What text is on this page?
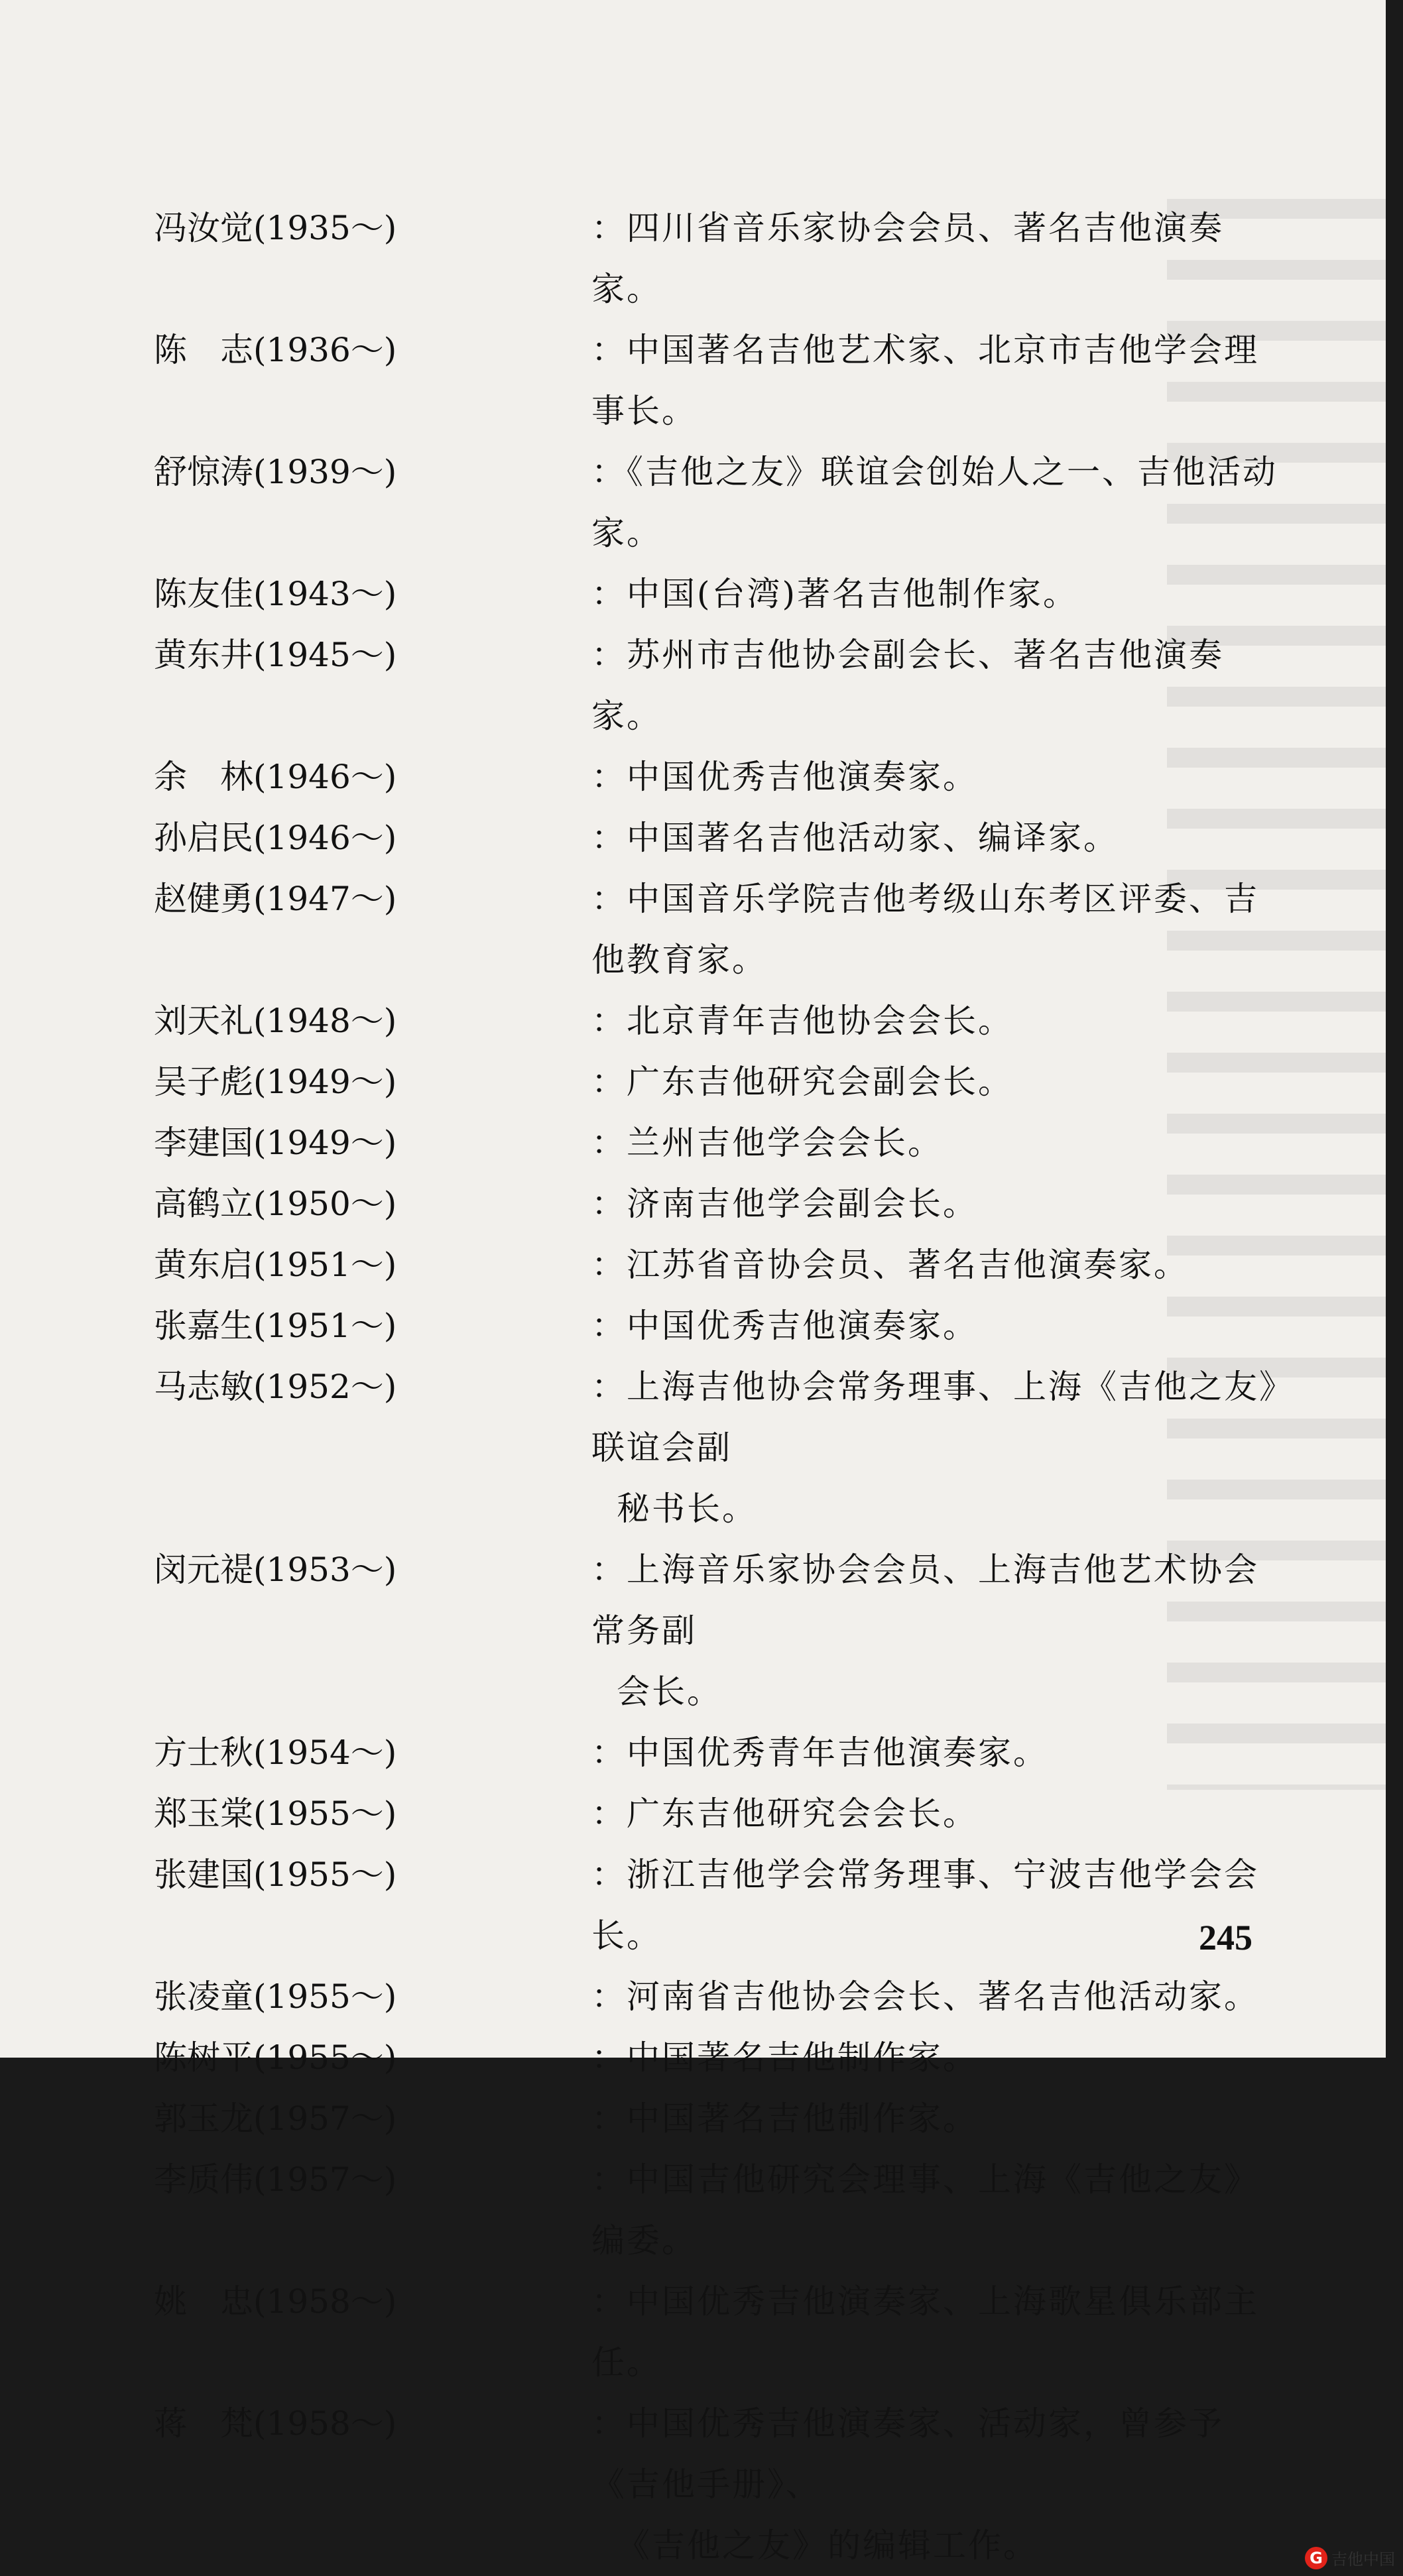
冯汝觉(1935～)	：四川省音乐家协会会员、著名吉他演奏家。
陈　志(1936～)	：中国著名吉他艺术家、北京市吉他学会理事长。
舒惊涛(1939～)	：《吉他之友》联谊会创始人之一、吉他活动家。
陈友佳(1943～)	：中国(台湾)著名吉他制作家。
黄东井(1945～)	：苏州市吉他协会副会长、著名吉他演奏家。
余　林(1946～)	：中国优秀吉他演奏家。
孙启民(1946～)	：中国著名吉他活动家、编译家。
赵健勇(1947～)	：中国音乐学院吉他考级山东考区评委、吉他教育家。
刘天礼(1948～)	：北京青年吉他协会会长。
吴子彪(1949～)	：广东吉他研究会副会长。
李建国(1949～)	：兰州吉他学会会长。
高鹤立(1950～)	：济南吉他学会副会长。
黄东启(1951～)	：江苏省音协会员、著名吉他演奏家。
张嘉生(1951～)	：中国优秀吉他演奏家。
马志敏(1952～)	：上海吉他协会常务理事、上海《吉他之友》联谊会副
秘书长。
闵元禔(1953～)	：上海音乐家协会会员、上海吉他艺术协会常务副
会长。
方士秋(1954～)	：中国优秀青年吉他演奏家。
郑玉棠(1955～)	：广东吉他研究会会长。
张建国(1955～)	：浙江吉他学会常务理事、宁波吉他学会会长。
张凌童(1955～)	：河南省吉他协会会长、著名吉他活动家。
陈树平(1955～)	：中国著名吉他制作家。
郭玉龙(1957～)	：中国著名吉他制作家。
李质伟(1957～)	：中国吉他研究会理事、上海《吉他之友》编委。
姚　忠(1958～)	：中国优秀吉他演奏家、上海歌星俱乐部主任。
蒋　梵(1958～)	：中国优秀吉他演奏家、活动家，曾参予《吉他手册》、
《吉他之友》的编辑工作。
245
G 吉他中国
